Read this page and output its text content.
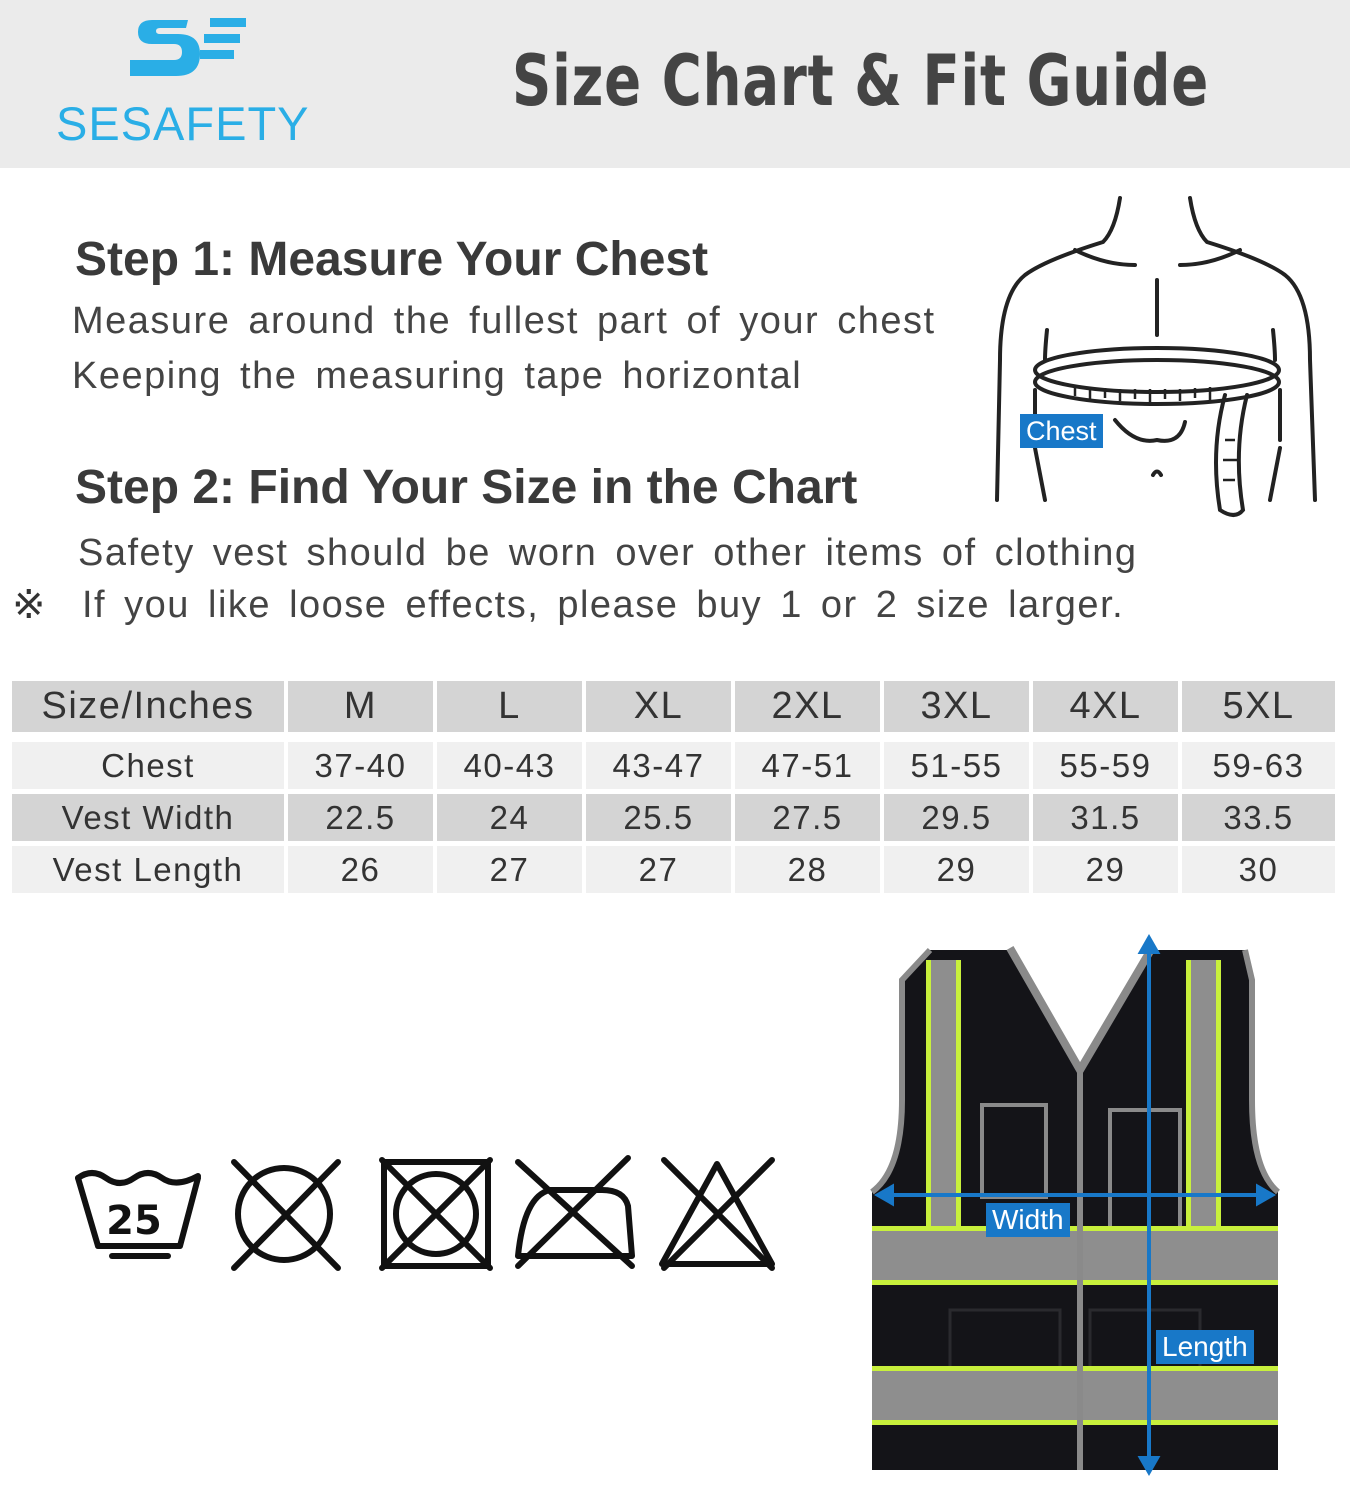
SESAFETY
Size Chart & Fit Guide
Step 1: Measure Your Chest
Measure around the fullest part of your chest
Keeping the measuring tape horizontal
Step 2: Find Your Size in the Chart
Safety vest should be worn over other items of clothing
※ If you like loose effects, please buy 1 or 2 size larger.
Chest
Size/Inches	M	L	XL	2XL	3XL	4XL	5XL

Chest	37-40	40-43	43-47	47-51	51-55	55-59	59-63
Vest Width	22.5	24	25.5	27.5	29.5	31.5	33.5
Vest Length	26	27	27	28	29	29	30
25	Width
Length
